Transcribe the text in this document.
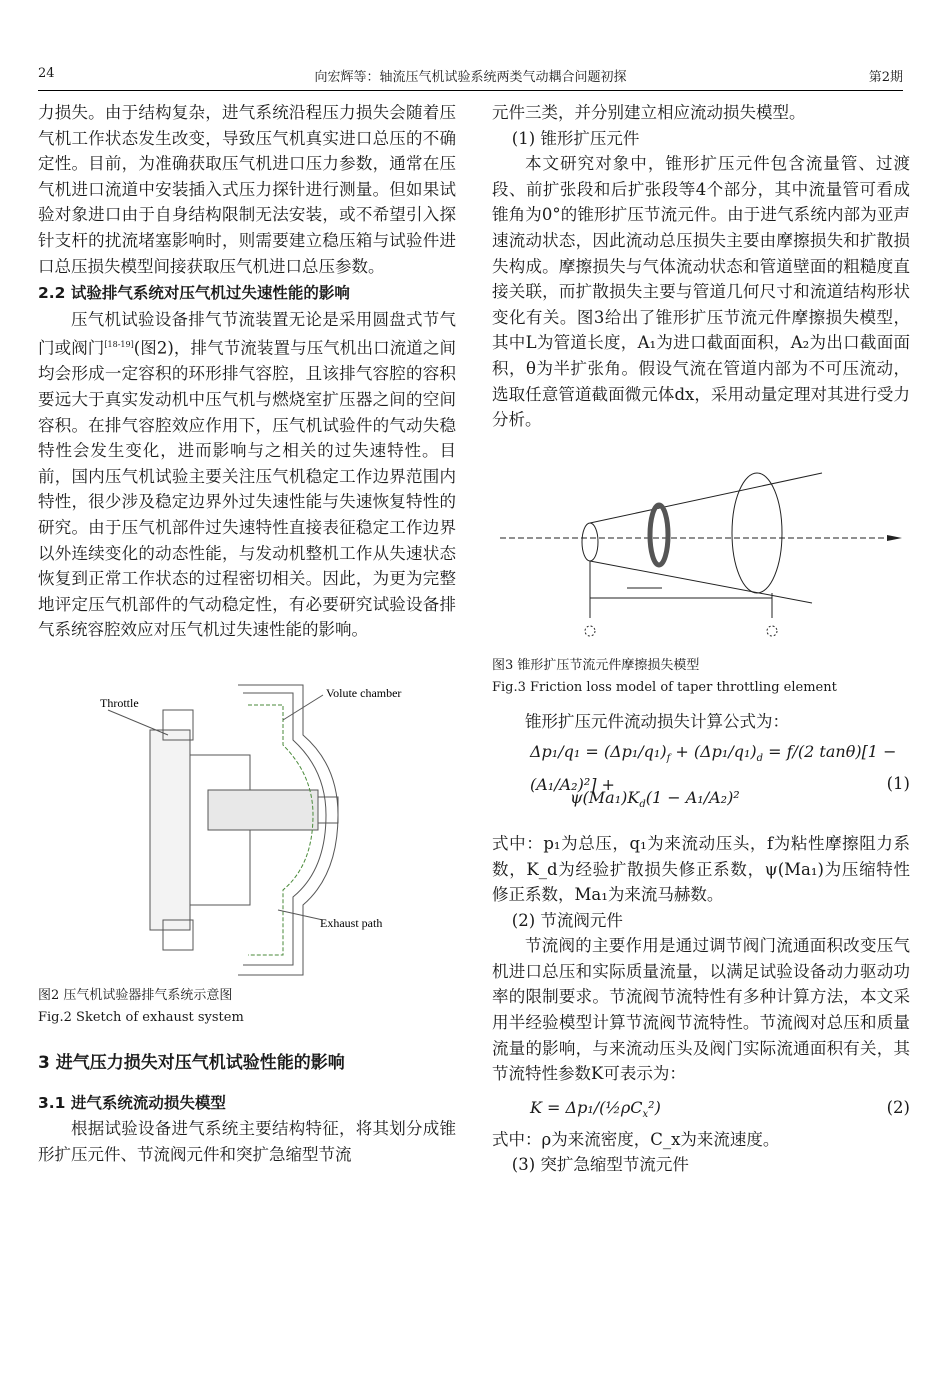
24	向宏辉等：轴流压气机试验系统两类气动耦合问题初探	第2期

力损失。由于结构复杂，进气系统沿程压力损失会随着压气机工作状态发生改变，导致压气机真实进口总压的不确定性。目前，为准确获取压气机进口压力参数，通常在压气机进口流道中安装插入式压力探针进行测量。但如果试验对象进口由于自身结构限制无法安装，或不希望引入探针支杆的扰流堵塞影响时，则需要建立稳压箱与试验件进口总压损失模型间接获取压气机进口总压参数。

2.2 试验排气系统对压气机过失速性能的影响

压气机试验设备排气节流装置无论是采用圆盘式节气门或阀门[18-19](图2)，排气节流装置与压气机出口流道之间均会形成一定容积的环形排气容腔，且该排气容腔的容积要远大于真实发动机中压气机与燃烧室扩压器之间的空间容积。在排气容腔效应作用下，压气机试验件的气动失稳特性会发生变化，进而影响与之相关的过失速特性。目前，国内压气机试验主要关注压气机稳定工作边界范围内特性，很少涉及稳定边界外过失速性能与失速恢复特性的研究。由于压气机部件过失速特性直接表征稳定工作边界以外连续变化的动态性能，与发动机整机工作从失速状态恢复到正常工作状态的过程密切相关。因此，为更为完整地评定压气机部件的气动稳定性，有必要研究试验设备排气系统容腔效应对压气机过失速性能的影响。

Throttle
Volute chamber
Exhaust path

图2 压气机试验器排气系统示意图

Fig.2 Sketch of exhaust system

3 进气压力损失对压气机试验性能的影响

3.1 进气系统流动损失模型

根据试验设备进气系统主要结构特征，将其划分成锥形扩压元件、节流阀元件和突扩急缩型节流

元件三类，并分别建立相应流动损失模型。

(1) 锥形扩压元件

本文研究对象中，锥形扩压元件包含流量管、过渡段、前扩张段和后扩张段等4个部分，其中流量管可看成锥角为0°的锥形扩压节流元件。由于进气系统内部为亚声速流动状态，因此流动总压损失主要由摩擦损失和扩散损失构成。摩擦损失与气体流动状态和管道壁面的粗糙度直接关联，而扩散损失主要与管道几何尺寸和流道结构形状变化有关。图3给出了锥形扩压节流元件摩擦损失模型，其中L为管道长度，A₁为进口截面面积，A₂为出口截面面积，θ为半扩张角。假设气流在管道内部为不可压流动，选取任意管道截面微元体dx，采用动量定理对其进行受力分析。

图3 锥形扩压节流元件摩擦损失模型

Fig.3 Friction loss model of taper throttling element

锥形扩压元件流动损失计算公式为：

$\Delta p_1/q_1 = (\Delta p_1/q_1)_f + (\Delta p_1/q_1)_d = f/(2$ tanθ)[1 − (A₁/A₂)²] +
$\psi(Ma_1)K_d(1 - A_1/A_2)^2$
(1)

式中：p₁为总压，q₁为来流动压头，f为粘性摩擦阻力系数，K_d为经验扩散损失修正系数，ψ(Ma₁)为压缩特性修正系数，Ma₁为来流马赫数。

(2) 节流阀元件

节流阀的主要作用是通过调节阀门流通面积改变压气机进口总压和实际质量流量，以满足试验设备动力驱动功率的限制要求。节流阀节流特性有多种计算方法，本文采用半经验模型计算节流阀节流特性。节流阀对总压和质量流量的影响，与来流动压头及阀门实际流通面积有关，其节流特性参数K可表示为：

K = Δp₁/$(\frac{1}{2}\rho C_x^2)$	(2)

式中：ρ为来流密度，C_x为来流速度。

(3) 突扩急缩型节流元件
